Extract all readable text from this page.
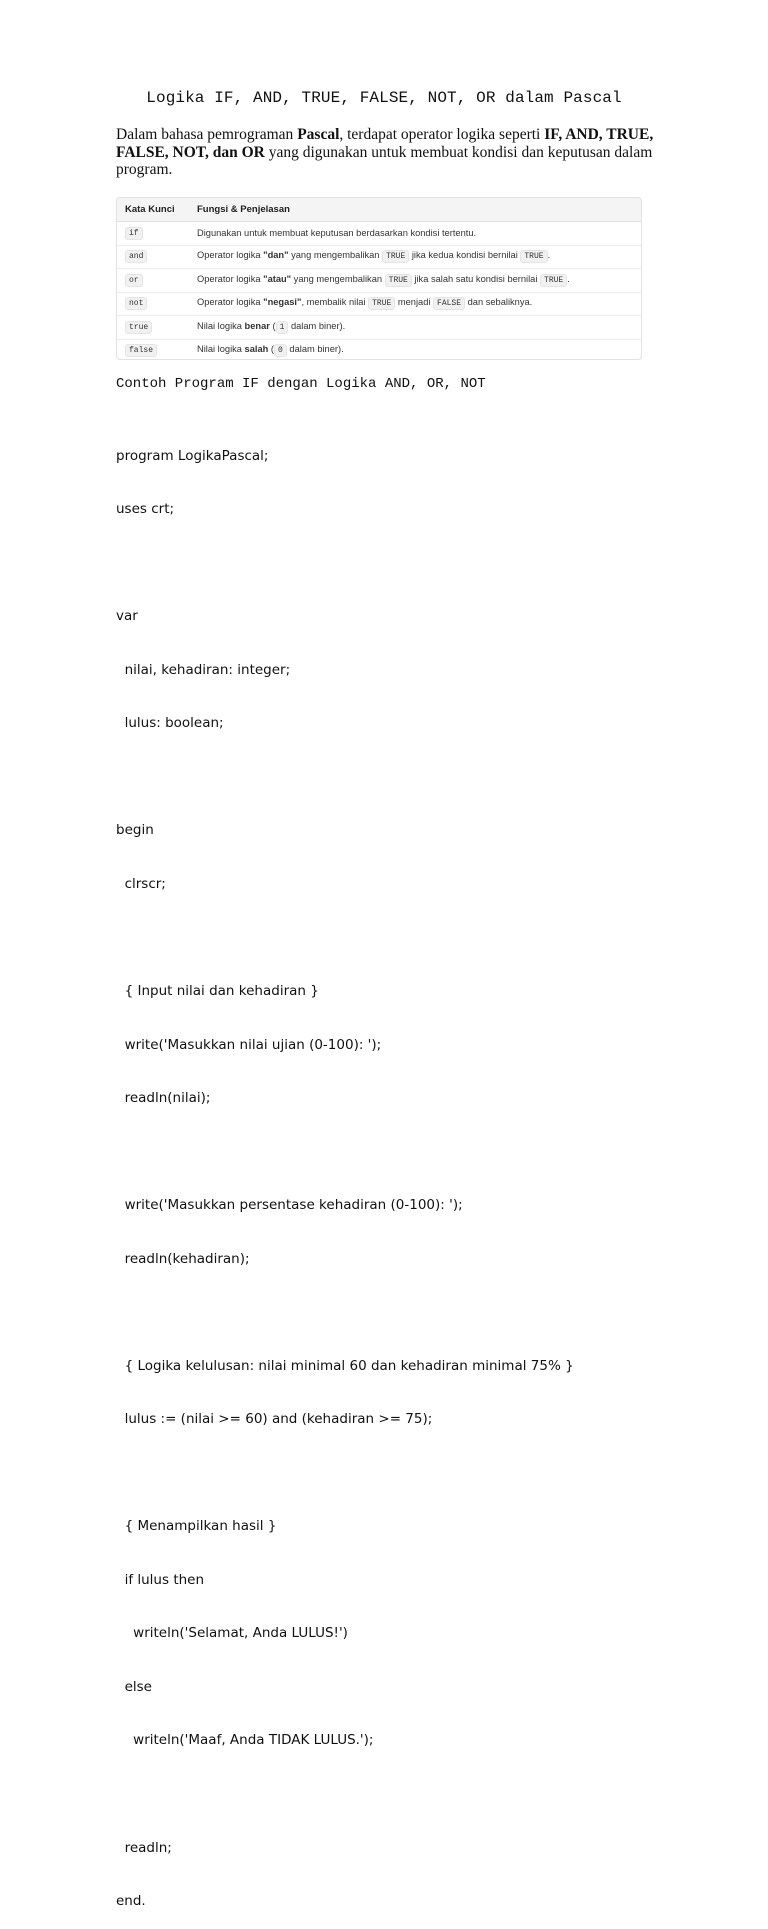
Logika IF, AND, TRUE, FALSE, NOT, OR dalam Pascal

Dalam bahasa pemrograman Pascal, terdapat operator logika seperti IF, AND, TRUE, FALSE, NOT, dan OR yang digunakan untuk membuat kondisi dan keputusan dalam program.

Kata Kunci	Fungsi & Penjelasan
if	Digunakan untuk membuat keputusan berdasarkan kondisi tertentu.
and	Operator logika "dan" yang mengembalikan TRUE jika kedua kondisi bernilai TRUE .
or	Operator logika "atau" yang mengembalikan TRUE jika salah satu kondisi bernilai TRUE .
not	Operator logika "negasi", membalik nilai TRUE menjadi FALSE dan sebaliknya.
true	Nilai logika benar ( 1 dalam biner).
false	Nilai logika salah ( 0 dalam biner).
Contoh Program IF dengan Logika AND, OR, NOT

program LogikaPascal;

uses crt;

var

nilai, kehadiran: integer;

lulus: boolean;

begin

clrscr;

{ Input nilai dan kehadiran }

write('Masukkan nilai ujian (0-100): ');

readln(nilai);

write('Masukkan persentase kehadiran (0-100): ');

readln(kehadiran);

{ Logika kelulusan: nilai minimal 60 dan kehadiran minimal 75% }

lulus := (nilai >= 60) and (kehadiran >= 75);

{ Menampilkan hasil }

if lulus then

writeln('Selamat, Anda LULUS!')

else

writeln('Maaf, Anda TIDAK LULUS.');

readln;

end.
